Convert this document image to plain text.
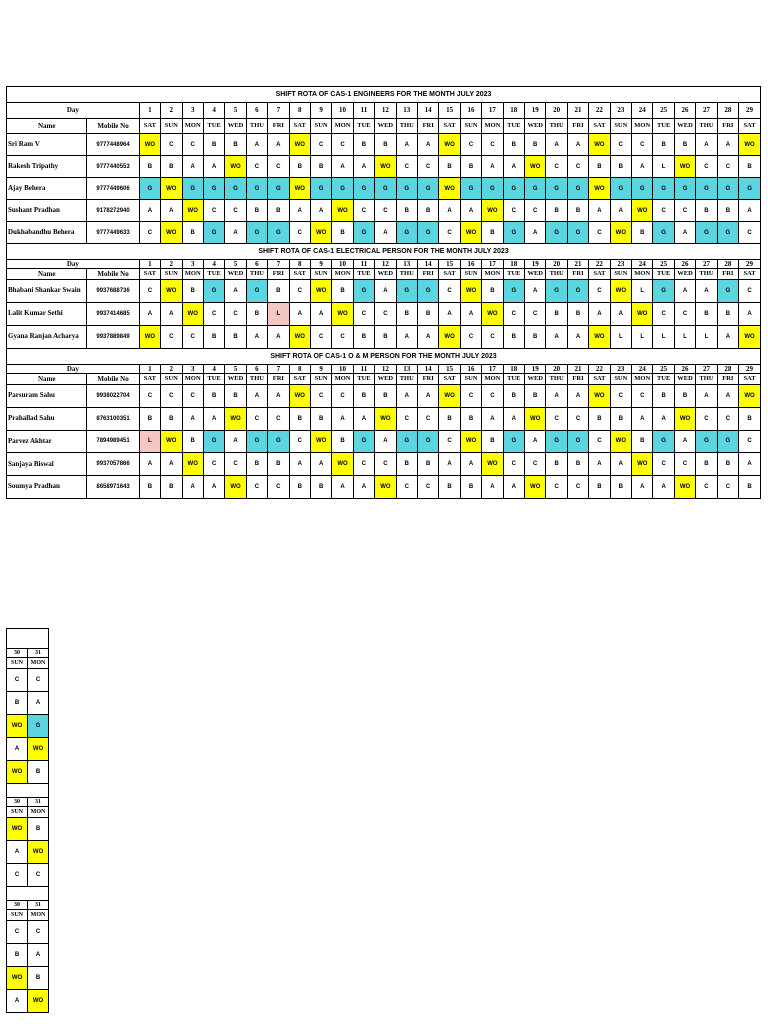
SHIFT ROTA OF CAS-1 ENGINEERS FOR THE MONTH JULY 2023																														
Day		1	2	3	4	5	6	7	8	9	10	11	12	13	14	15	16	17	18	19	20	21	22	23	24	25	26	27	28	29
Name	Mobile No	SAT	SUN	MON	TUE	WED	THU	FRI	SAT	SUN	MON	TUE	WED	THU	FRI	SAT	SUN	MON	TUE	WED	THU	FRI	SAT	SUN	MON	TUE	WED	THU	FRI	SAT
Sri Ram V	9777448964	WO	C	C	B	B	A	A	WO	C	C	B	B	A	A	WO	C	C	B	B	A	A	WO	C	C	B	B	A	A	WO
Rakesh Tripathy	9777440553	B	B	A	A	WO	C	C	B	B	A	A	WO	C	C	B	B	A	A	WO	C	C	B	B	A	L	WO	C	C	B
Ajay Behera	9777449606	G	WO	G	G	G	G	G	WO	G	G	G	G	G	G	WO	G	G	G	G	G	G	WO	G	G	G	G	G	G	G
Sushant Pradhan	9178272940	A	A	WO	C	C	B	B	A	A	WO	C	C	B	B	A	A	WO	C	C	B	B	A	A	WO	C	C	B	B	A
Dukhabandhu Behera	9777449633	C	WO	B	G	A	G	G	C	WO	B	G	A	G	G	C	WO	B	G	A	G	G	C	WO	B	G	A	G	G	C
SHIFT ROTA OF CAS-1 ELECTRICAL PERSON FOR THE MONTH JULY 2023																														
Day		1	2	3	4	5	6	7	8	9	10	11	12	13	14	15	16	17	18	19	20	21	22	23	24	25	26	27	28	29
Name	Mobile No	SAT	SUN	MON	TUE	WED	THU	FRI	SAT	SUN	MON	TUE	WED	THU	FRI	SAT	SUN	MON	TUE	WED	THU	FRI	SAT	SUN	MON	TUE	WED	THU	FRI	SAT
Bhabani Shankar Swain	9937688736	C	WO	B	G	A	G	B	C	WO	B	G	A	G	G	C	WO	B	G	A	G	G	C	WO	L	G	A	A	G	C
Lalit Kumar Sethi	9937414685	A	A	WO	C	C	B	L	A	A	WO	C	C	B	B	A	A	WO	C	C	B	B	A	A	WO	C	C	B	B	A
Gyana Ranjan Acharya	9937889849	WO	C	C	B	B	A	A	WO	C	C	B	B	A	A	WO	C	C	B	B	A	A	WO	L	L	L	L	L	A	WO
SHIFT ROTA OF CAS-1 O & M PERSON FOR THE MONTH JULY 2023																														
Day		1	2	3	4	5	6	7	8	9	10	11	12	13	14	15	16	17	18	19	20	21	22	23	24	25	26	27	28	29
Name	Mobile No	SAT	SUN	MON	TUE	WED	THU	FRI	SAT	SUN	MON	TUE	WED	THU	FRI	SAT	SUN	MON	TUE	WED	THU	FRI	SAT	SUN	MON	TUE	WED	THU	FRI	SAT
Parsuram Sahu	9938022704	C	C	C	B	B	A	A	WO	C	C	B	B	A	A	WO	C	C	B	B	A	A	WO	C	C	B	B	A	A	WO
Prahallad Sahu	8763100351	B	B	A	A	WO	C	C	B	B	A	A	WO	C	C	B	B	A	A	WO	C	C	B	B	A	A	WO	C	C	B
Parvez Akhtar	7894989451	L	WO	B	G	A	G	G	C	WO	B	G	A	G	G	C	WO	B	G	A	G	G	C	WO	B	G	A	G	G	C
Sanjaya Biswal	9937057866	A	A	WO	C	C	B	B	A	A	WO	C	C	B	B	A	A	WO	C	C	B	B	A	A	WO	C	C	B	B	A
Soumya Pradhan	8658971643	B	B	A	A	WO	C	C	B	B	A	A	WO	C	C	B	B	A	A	WO	C	C	B	B	A	A	WO	C	C	B

30	31
SUN	MON
C	C
B	A
WO	G
A	WO
WO	B

30	31
SUN	MON
WO	B
A	WO
C	C

30	31
SUN	MON
C	C
B	A
WO	B
A	WO
